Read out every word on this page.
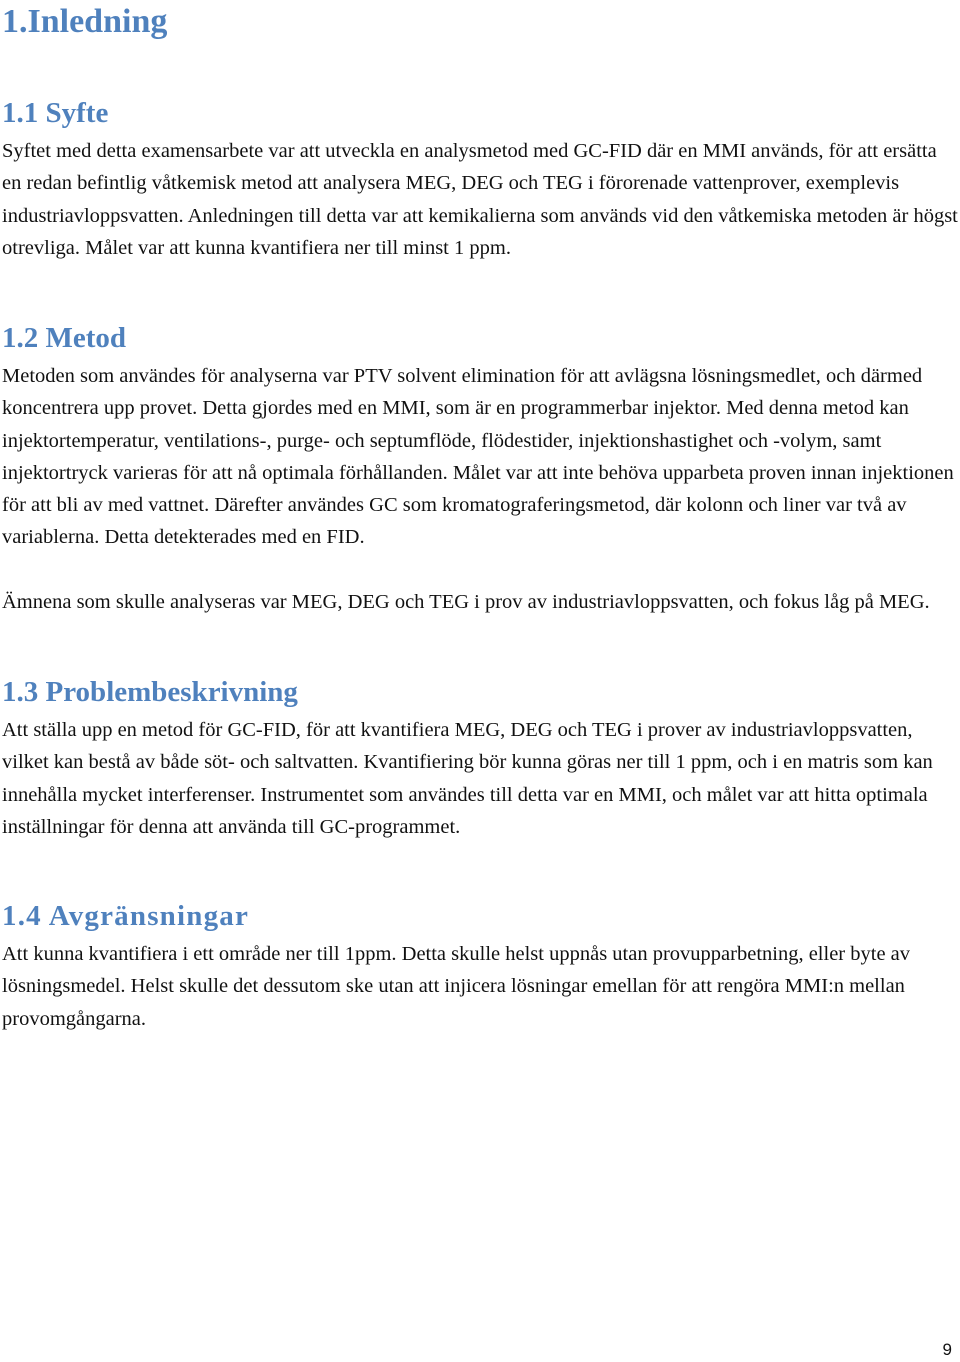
1.Inledning
1.1 Syfte

Syftet med detta examensarbete var att utveckla en analysmetod med GC-FID där en MMI används, för att ersätta en redan befintlig våtkemisk metod att analysera MEG, DEG och TEG i förorenade vattenprover, exemplevis industriavloppsvatten. Anledningen till detta var att kemikalierna som används vid den våtkemiska metoden är högst otrevliga. Målet var att kunna kvantifiera ner till minst 1 ppm.

1.2 Metod

Metoden som användes för analyserna var PTV solvent elimination för att avlägsna lösningsmedlet, och därmed koncentrera upp provet. Detta gjordes med en MMI, som är en programmerbar injektor. Med denna metod kan injektortemperatur, ventilations-, purge- och septumflöde, flödestider, injektionshastighet och -volym, samt injektortryck varieras för att nå optimala förhållanden. Målet var att inte behöva upparbeta proven innan injektionen för att bli av med vattnet. Därefter användes GC som kromatograferingsmetod, där kolonn och liner var två av variablerna. Detta detekterades med en FID.

Ämnena som skulle analyseras var MEG, DEG och TEG i prov av industriavloppsvatten, och fokus låg på MEG.

1.3 Problembeskrivning

Att ställa upp en metod för GC-FID, för att kvantifiera MEG, DEG och TEG i prover av industriavloppsvatten, vilket kan bestå av både söt- och saltvatten. Kvantifiering bör kunna göras ner till 1 ppm, och i en matris som kan innehålla mycket interferenser. Instrumentet som användes till detta var en MMI, och målet var att hitta optimala inställningar för denna att använda till GC-programmet.

1.4 Avgränsningar

Att kunna kvantifiera i ett område ner till 1ppm. Detta skulle helst uppnås utan provupparbetning, eller byte av lösningsmedel. Helst skulle det dessutom ske utan att injicera lösningar emellan för att rengöra MMI:n mellan provomgångarna.

9
